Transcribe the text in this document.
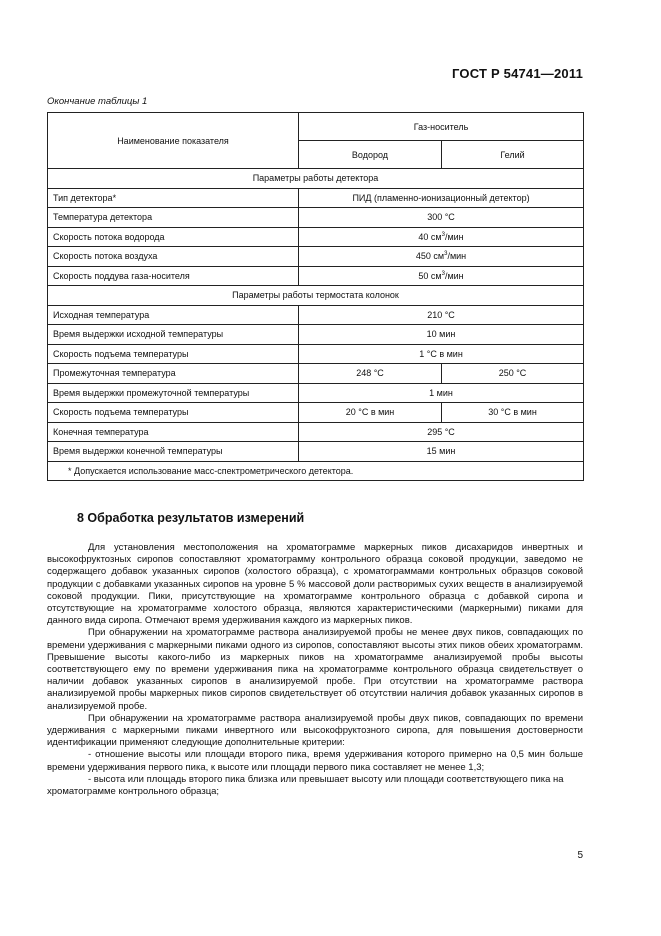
ГОСТ Р 54741—2011
Окончание таблицы 1
Наименование показателя	Газ-носитель	
	Водород	Гелий
Параметры работы детектора		
Тип детектора*	ПИД (пламенно-ионизационный детектор)	
Температура детектора	300 °С	
Скорость потока водорода	40 $см^3$/мин	
Скорость потока воздуха	450 $см^3$/мин	
Скорость поддува газа-носителя	50 $см^3$/мин	
Параметры работы термостата колонок		
Исходная температура	210 °С	
Время выдержки исходной температуры	10 мин	
Скорость подъема температуры	1 °С в мин	
Промежуточная температура	248 °С	250 °С
Время выдержки промежуточной температуры	1 мин	
Скорость подъема температуры	20 °С в мин	30 °С в мин
Конечная температура	295 °С	
Время выдержки конечной температуры	15 мин	
* Допускается использование масс-спектрометрического детектора.		
8 Обработка результатов измерений

Для установления местоположения на хроматограмме маркерных пиков дисахаридов инвертных и высокофруктозных сиропов сопоставляют хроматограмму контрольного образца соковой продукции, заведомо не содержащего добавок указанных сиропов (холостого образца), с хроматограммами контрольных образцов соковой продукции с добавками указанных сиропов на уровне 5 % массовой доли растворимых сухих веществ в анализируемой соковой продукции. Пики, присутствующие на хроматограмме контрольного образца с добавкой сиропа и отсутствующие на хроматограмме холостого образца, являются характеристическими (маркерными) пиками для данного вида сиропа. Отмечают время удерживания каждого из маркерных пиков.

При обнаружении на хроматограмме раствора анализируемой пробы не менее двух пиков, совпадающих по времени удерживания с маркерными пиками одного из сиропов, сопоставляют высоты этих пиков обеих хроматограмм. Превышение высоты какого-либо из маркерных пиков на хроматограмме анализируемой пробы высоты соответствующего ему по времени удерживания пика на хроматограмме контрольного образца свидетельствует о наличии добавок указанных сиропов в анализируемой пробе. При отсутствии на хроматограмме раствора анализируемой пробы маркерных пиков сиропов свидетельствует об отсутствии наличия добавок указанных сиропов в анализируемой пробе.

При обнаружении на хроматограмме раствора анализируемой пробы двух пиков, совпадающих по времени удерживания с маркерными пиками инвертного или высокофруктозного сиропа, для повышения достоверности идентификации применяют следующие дополнительные критерии:

- отношение высоты или площади второго пика, время удерживания которого примерно на 0,5 мин больше времени удерживания первого пика, к высоте или площади первого пика составляет не менее 1,3;

- высота или площадь второго пика близка или превышает высоту или площади соответствующего пика на хроматограмме контрольного образца;

5
